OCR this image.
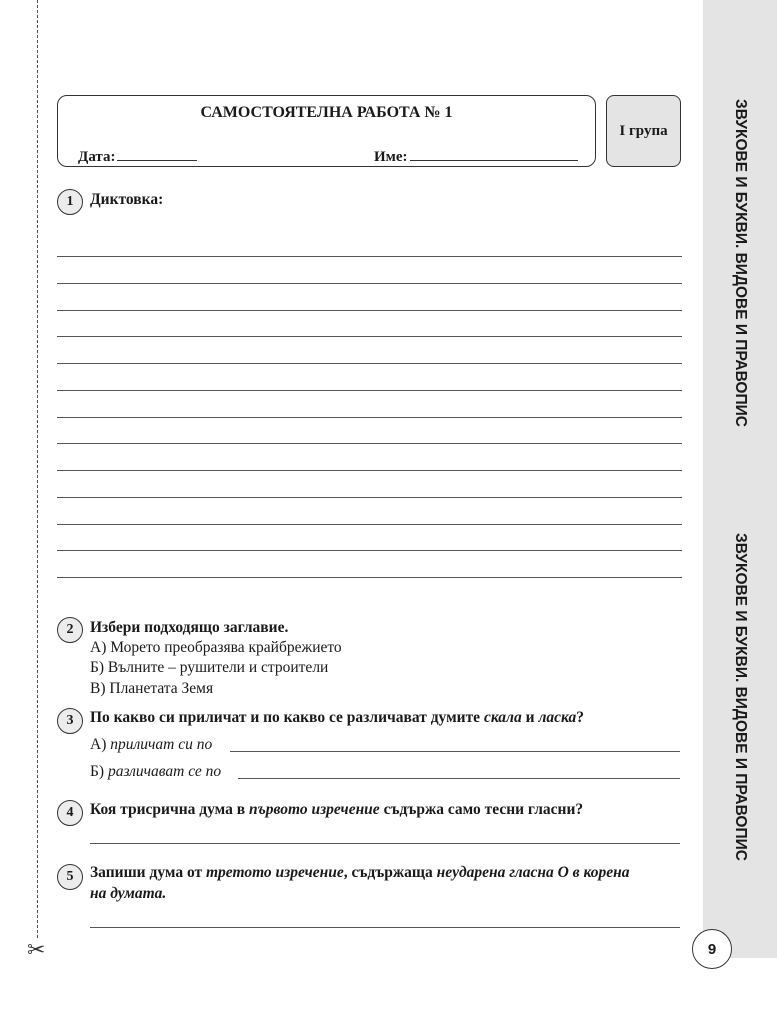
✂
ЗВУКОВЕ И БУКВИ. ВИДОВЕ И ПРАВОПИС
ЗВУКОВЕ И БУКВИ. ВИДОВЕ И ПРАВОПИС
9
САМОСТОЯТЕЛНА РАБОТА № 1
Дата:	Име:
I група
1	Диктовка:
2	Избери подходящо заглавие.
А) Морето преобразява крайбрежието
Б) Вълните – рушители и строители
В) Планетата Земя
3	По какво си приличат и по какво се различават думите скала и ласка?
А) приличат си по
Б) различават се по
4	Коя трисрична дума в първото изречение съдържа само тесни гласни?
5	Запиши дума от третото изречение, съдържаща неударена гласна О в корена
на думата.
